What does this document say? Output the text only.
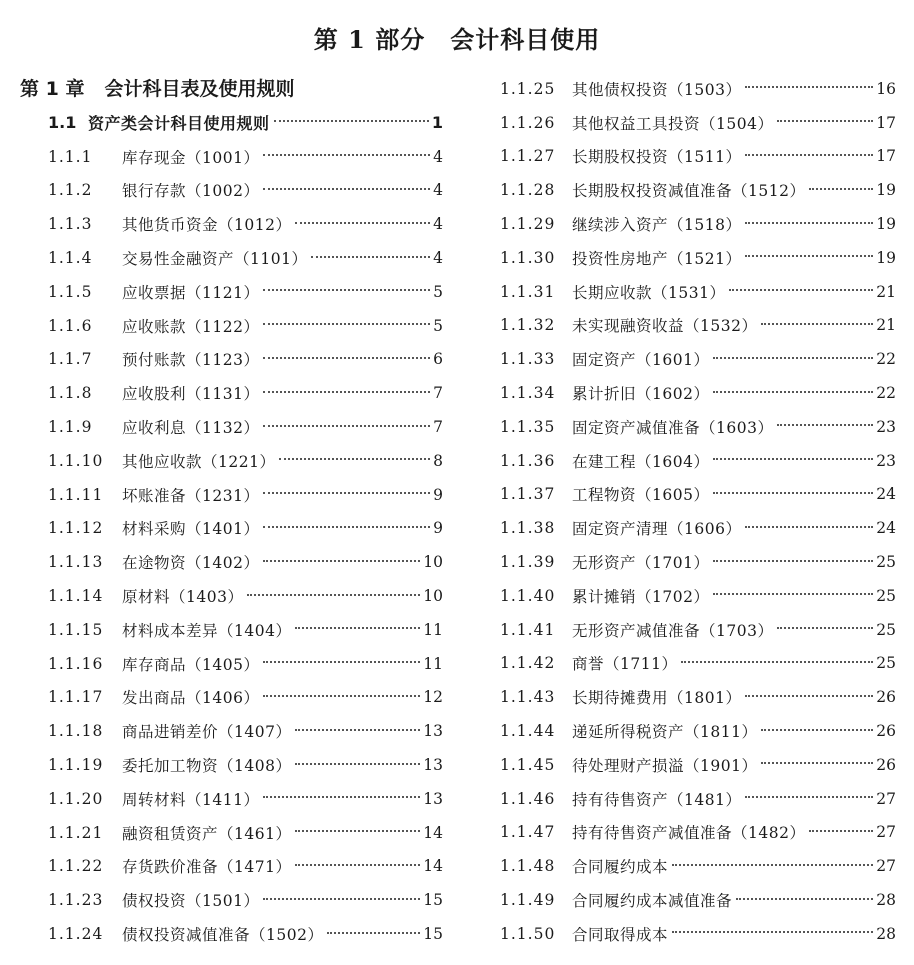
第 1 部分　会计科目使用
第 1 章 会计科目表及使用规则
1.1 资产类会计科目使用规则	1
1.1.1	库存现金（1001）	4
1.1.2	银行存款（1002）	4
1.1.3	其他货币资金（1012）	4
1.1.4	交易性金融资产（1101）	4
1.1.5	应收票据（1121）	5
1.1.6	应收账款（1122）	5
1.1.7	预付账款（1123）	6
1.1.8	应收股利（1131）	7
1.1.9	应收利息（1132）	7
1.1.10	其他应收款（1221）	8
1.1.11	坏账准备（1231）	9
1.1.12	材料采购（1401）	9
1.1.13	在途物资（1402）	10
1.1.14	原材料（1403）	10
1.1.15	材料成本差异（1404）	11
1.1.16	库存商品（1405）	11
1.1.17	发出商品（1406）	12
1.1.18	商品进销差价（1407）	13
1.1.19	委托加工物资（1408）	13
1.1.20	周转材料（1411）	13
1.1.21	融资租赁资产（1461）	14
1.1.22	存货跌价准备（1471）	14
1.1.23	债权投资（1501）	15
1.1.24	债权投资减值准备（1502）	15
1.1.25	其他债权投资（1503）	16
1.1.26	其他权益工具投资（1504）	17
1.1.27	长期股权投资（1511）	17
1.1.28	长期股权投资减值准备（1512）	19
1.1.29	继续涉入资产（1518）	19
1.1.30	投资性房地产（1521）	19
1.1.31	长期应收款（1531）	21
1.1.32	未实现融资收益（1532）	21
1.1.33	固定资产（1601）	22
1.1.34	累计折旧（1602）	22
1.1.35	固定资产减值准备（1603）	23
1.1.36	在建工程（1604）	23
1.1.37	工程物资（1605）	24
1.1.38	固定资产清理（1606）	24
1.1.39	无形资产（1701）	25
1.1.40	累计摊销（1702）	25
1.1.41	无形资产减值准备（1703）	25
1.1.42	商誉（1711）	25
1.1.43	长期待摊费用（1801）	26
1.1.44	递延所得税资产（1811）	26
1.1.45	待处理财产损溢（1901）	26
1.1.46	持有待售资产（1481）	27
1.1.47	持有待售资产减值准备（1482）	27
1.1.48	合同履约成本	27
1.1.49	合同履约成本减值准备	28
1.1.50	合同取得成本	28
